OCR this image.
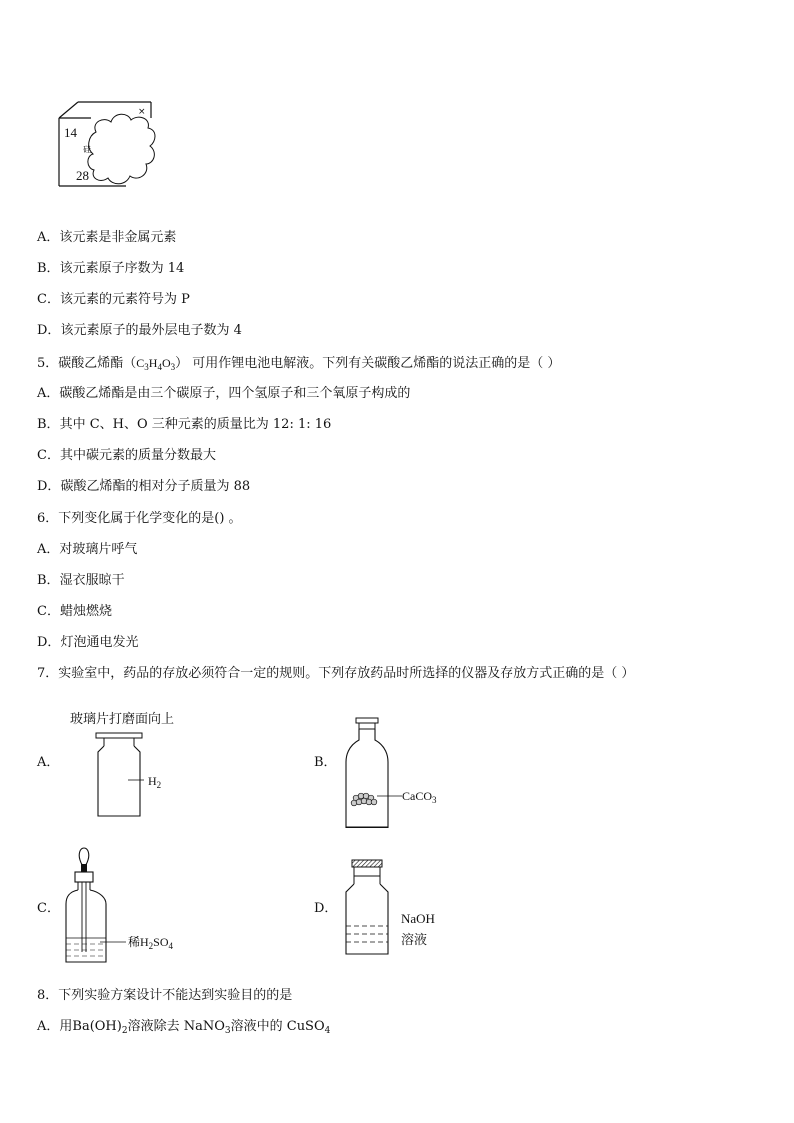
×
14
硅
28
A．该元素是非金属元素
B．该元素原子序数为 14
C．该元素的元素符号为 P
D．该元素原子的最外层电子数为 4
5．碳酸乙烯酯$(C_3H_4O_3)$ 可用作锂电池电解液。下列有关碳酸乙烯酯的说法正确的是（ ）
A．碳酸乙烯酯是由三个碳原子，四个氢原子和三个氧原子构成的
B．其中 C、H、O 三种元素的质量比为 12: 1: 16
C．其中碳元素的质量分数最大
D．碳酸乙烯酯的相对分子质量为 88
6．下列变化属于化学变化的是() 。
A．对玻璃片呼气
B．湿衣服晾干
C．蜡烛燃烧
D．灯泡通电发光
7．实验室中，药品的存放必须符合一定的规则。下列存放药品时所选择的仪器及存放方式正确的是（ ）
玻璃片打磨面向上
A．
$H_2$
B．
CaCO$_3$
C．
稀$H_2SO_4$
D．
NaOH
溶液
8．下列实验方案设计不能达到实验目的的是
A．用$Ba(OH)_2$溶液除去 NaNO$_3$溶液中的 CuSO$_4$
